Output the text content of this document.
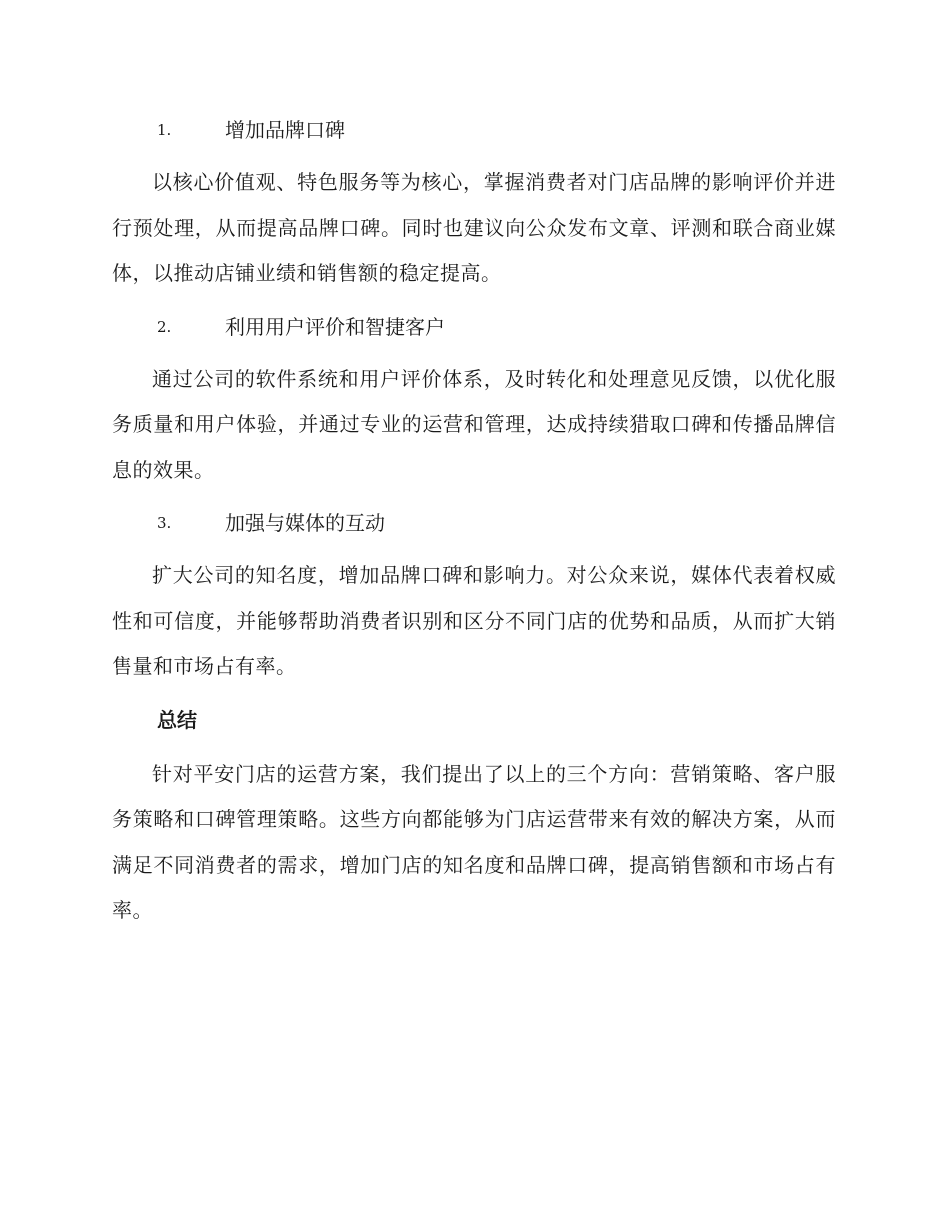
1.	增加品牌口碑

以核心价值观、特色服务等为核心，掌握消费者对门店品牌的影响评价并进行预处理，从而提高品牌口碑。同时也建议向公众发布文章、评测和联合商业媒体，以推动店铺业绩和销售额的稳定提高。

2.	利用用户评价和智捷客户

通过公司的软件系统和用户评价体系，及时转化和处理意见反馈，以优化服务质量和用户体验，并通过专业的运营和管理，达成持续猎取口碑和传播品牌信息的效果。

3.	加强与媒体的互动

扩大公司的知名度，增加品牌口碑和影响力。对公众来说，媒体代表着权威性和可信度，并能够帮助消费者识别和区分不同门店的优势和品质，从而扩大销售量和市场占有率。

总结

针对平安门店的运营方案，我们提出了以上的三个方向：营销策略、客户服务策略和口碑管理策略。这些方向都能够为门店运营带来有效的解决方案，从而满足不同消费者的需求，增加门店的知名度和品牌口碑，提高销售额和市场占有率。
